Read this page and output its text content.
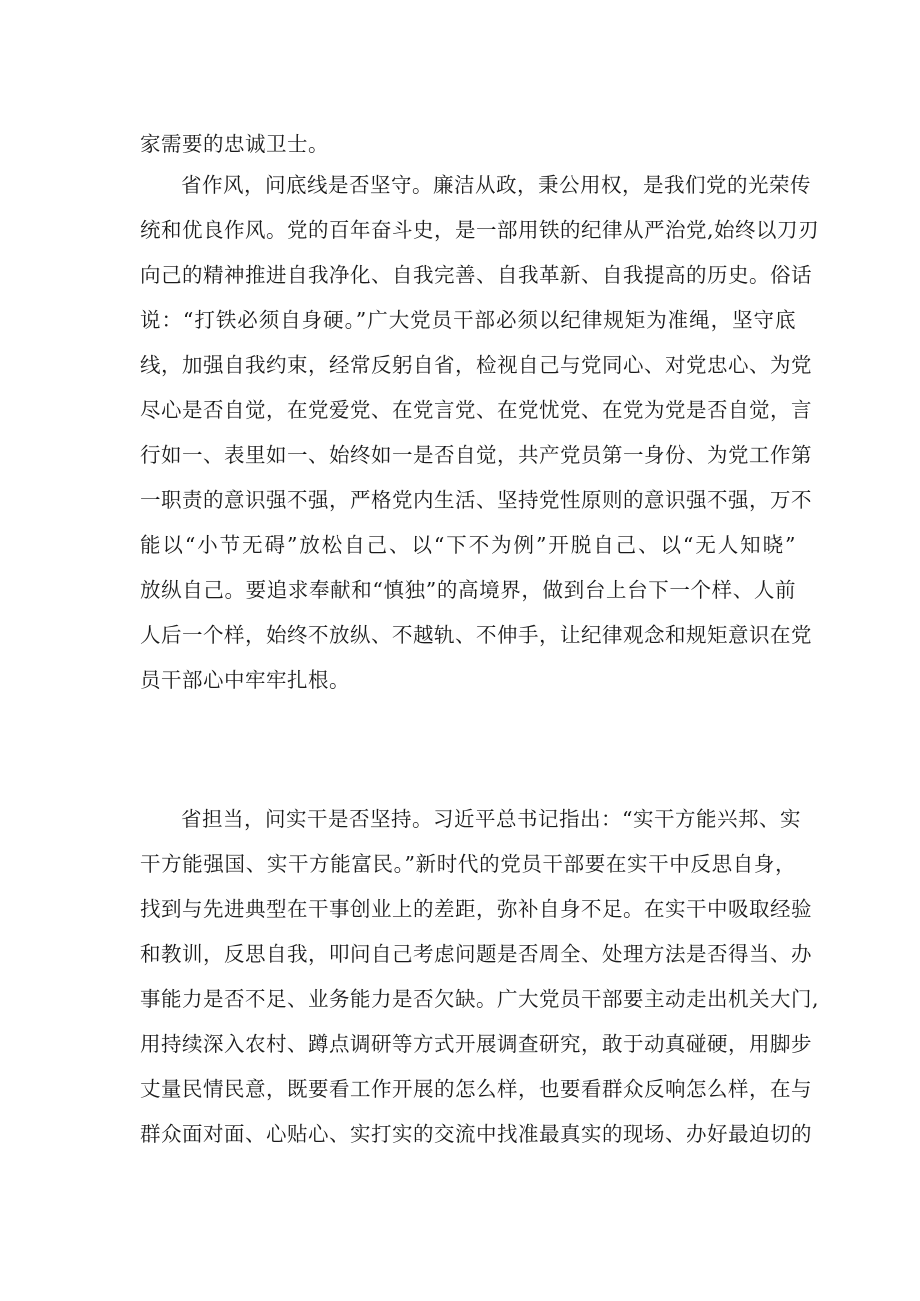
家需要的忠诚卫士。
省作风，问底线是否坚守。廉洁从政，秉公用权，是我们党的光荣传
统和优良作风。党的百年奋斗史，是一部用铁的纪律从严治党,始终以刀刃
向己的精神推进自我净化、自我完善、自我革新、自我提高的历史。俗话
说：“打铁必须自身硬。”广大党员干部必须以纪律规矩为准绳，坚守底
线，加强自我约束，经常反躬自省，检视自己与党同心、对党忠心、为党
尽心是否自觉，在党爱党、在党言党、在党忧党、在党为党是否自觉，言
行如一、表里如一、始终如一是否自觉，共产党员第一身份、为党工作第
一职责的意识强不强，严格党内生活、坚持党性原则的意识强不强，万不
能以“小节无碍”放松自己、以“下不为例”开脱自己、以“无人知晓”
放纵自己。要追求奉献和“慎独”的高境界，做到台上台下一个样、人前
人后一个样，始终不放纵、不越轨、不伸手，让纪律观念和规矩意识在党
员干部心中牢牢扎根。
省担当，问实干是否坚持。习近平总书记指出：“实干方能兴邦、实
干方能强国、实干方能富民。”新时代的党员干部要在实干中反思自身，
找到与先进典型在干事创业上的差距，弥补自身不足。在实干中吸取经验
和教训，反思自我，叩问自己考虑问题是否周全、处理方法是否得当、办
事能力是否不足、业务能力是否欠缺。广大党员干部要主动走出机关大门,
用持续深入农村、蹲点调研等方式开展调查研究，敢于动真碰硬，用脚步
丈量民情民意，既要看工作开展的怎么样，也要看群众反响怎么样，在与
群众面对面、心贴心、实打实的交流中找准最真实的现场、办好最迫切的
